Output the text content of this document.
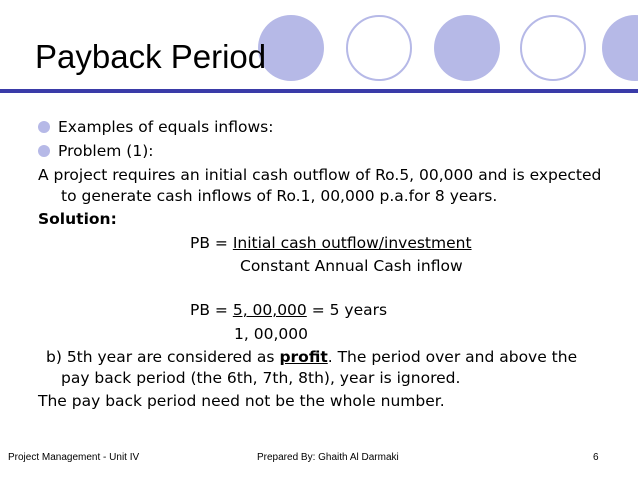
Payback Period
Examples of equals inflows:
Problem (1):
A project requires an initial cash outflow of Ro.5, 00,000 and is expected
to generate cash inflows of Ro.1, 00,000 p.a.for 8 years.
Solution:
PB = Initial cash outflow/investment
Constant Annual Cash inflow
PB = 5, 00,000 = 5 years
1, 00,000
b) 5th year are considered as profit. The period over and above the
pay back period (the 6th, 7th, 8th), year is ignored.
The pay back period need not be the whole number.
Project Management - Unit IV	Prepared By: Ghaith Al Darmaki	6
